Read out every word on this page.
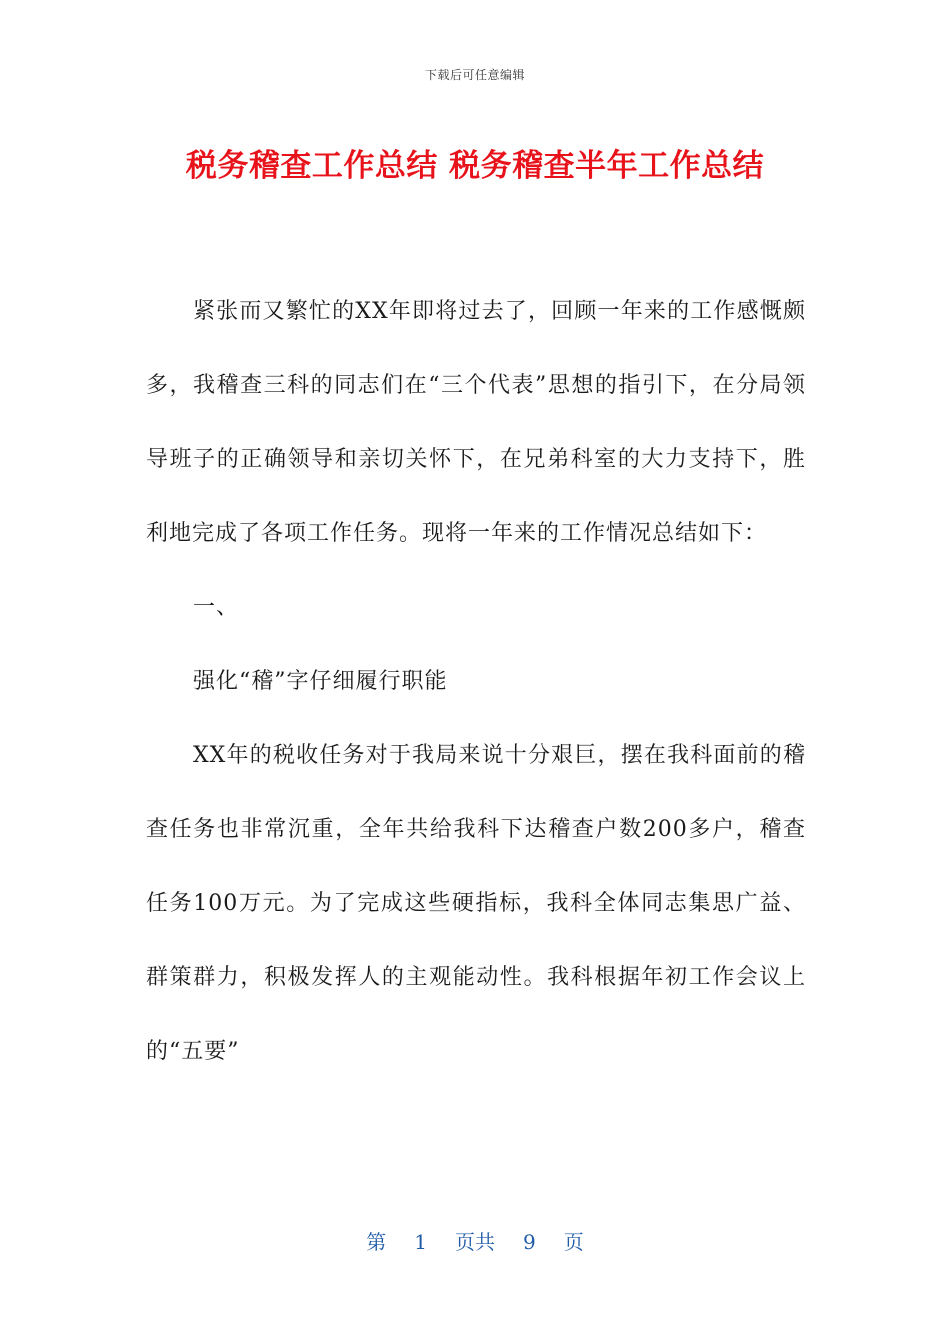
下载后可任意编辑
税务稽查工作总结 税务稽查半年工作总结

紧张而又繁忙的XX年即将过去了，回顾一年来的工作感慨颇多，我稽查三科的同志们在“三个代表”思想的指引下，在分局领导班子的正确领导和亲切关怀下，在兄弟科室的大力支持下，胜利地完成了各项工作任务。现将一年来的工作情况总结如下：

一、

强化“稽”字仔细履行职能

XX年的税收任务对于我局来说十分艰巨，摆在我科面前的稽查任务也非常沉重，全年共给我科下达稽查户数200多户，稽查任务100万元。为了完成这些硬指标，我科全体同志集思广益、群策群力，积极发挥人的主观能动性。我科根据年初工作会议上的“五要”

第 1 页共 9 页
